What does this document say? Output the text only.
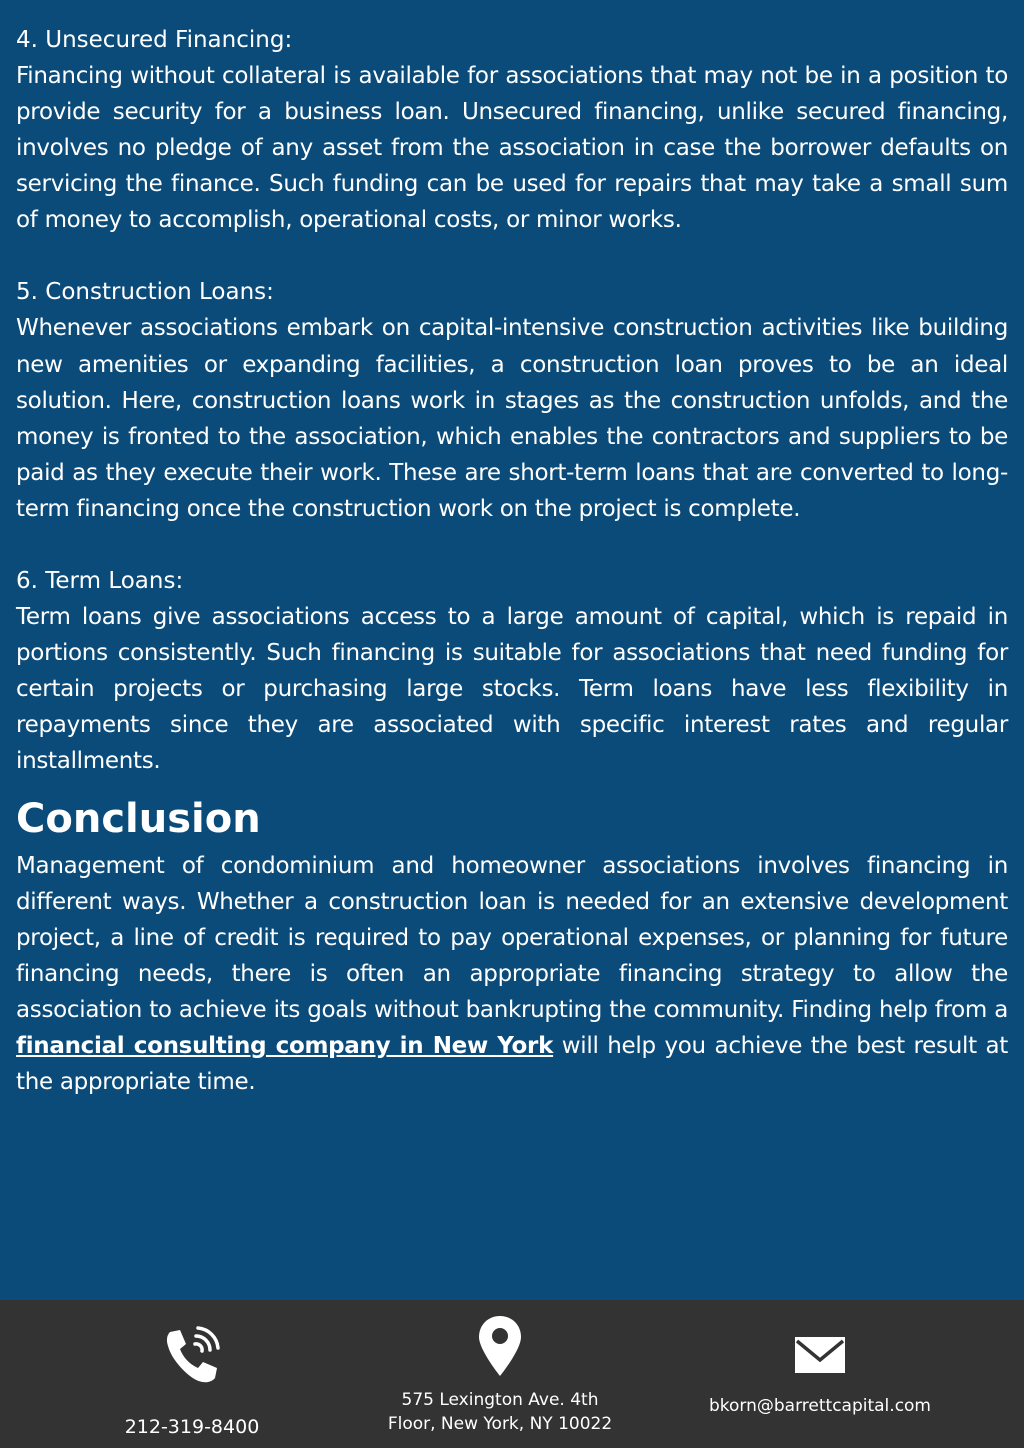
4. Unsecured Financing:

Financing without collateral is available for associations that may not be in a position to provide security for a business loan. Unsecured financing, unlike secured financing, involves no pledge of any asset from the association in case the borrower defaults on servicing the finance. Such funding can be used for repairs that may take a small sum of money to accomplish, operational costs, or minor works.

5. Construction Loans:

Whenever associations embark on capital-intensive construction activities like building new amenities or expanding facilities, a construction loan proves to be an ideal solution. Here, construction loans work in stages as the construction unfolds, and the money is fronted to the association, which enables the contractors and suppliers to be paid as they execute their work. These are short-term loans that are converted to long-term financing once the construction work on the project is complete.

6. Term Loans:

Term loans give associations access to a large amount of capital, which is repaid in portions consistently. Such financing is suitable for associations that need funding for certain projects or purchasing large stocks. Term loans have less flexibility in repayments since they are associated with specific interest rates and regular installments.

Conclusion

Management of condominium and homeowner associations involves financing in different ways. Whether a construction loan is needed for an extensive development project, a line of credit is required to pay operational expenses, or planning for future financing needs, there is often an appropriate financing strategy to allow the association to achieve its goals without bankrupting the community. Finding help from a financial consulting company in New York will help you achieve the best result at the appropriate time.

212-319-8400
575 Lexington Ave. 4th
Floor, New York, NY 10022
bkorn@barrettcapital.com
